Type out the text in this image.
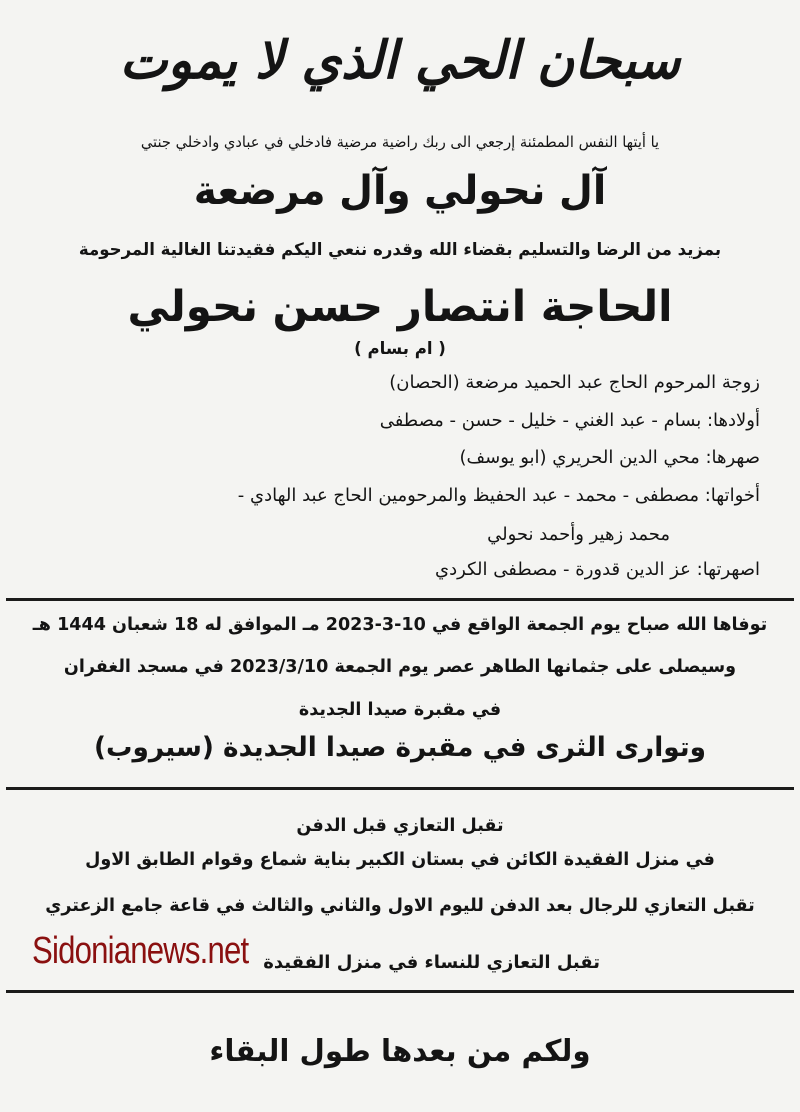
سبحان الحي الذي لا يموت
يا أيتها النفس المطمئنة إرجعي الى ربك راضية مرضية فادخلي في عبادي وادخلي جنتي
آل نحولي وآل مرضعة
بمزيد من الرضا والتسليم بقضاء الله وقدره ننعي اليكم فقيدتنا الغالية المرحومة
الحاجة انتصار حسن نحولي
( ام بسام )
زوجة المرحوم الحاج عبد الحميد مرضعة (الحصان)
أولادها: بسام - عبد الغني - خليل - حسن - مصطفى
صهرها: محي الدين الحريري (ابو يوسف)
أخواتها: مصطفى - محمد - عبد الحفيظ والمرحومين الحاج عبد الهادي -
محمد زهير وأحمد نحولي
اصهرتها: عز الدين قدورة - مصطفى الكردي
توفاها الله صباح يوم الجمعة الواقع في 10-3-2023 مـ الموافق له 18 شعبان 1444 هـ
وسيصلى على جثمانها الطاهر عصر يوم الجمعة 2023/3/10 في مسجد الغفران
في مقبرة صيدا الجديدة
وتوارى الثرى في مقبرة صيدا الجديدة (سيروب)
تقبل التعازي قبل الدفن
في منزل الفقيدة الكائن في بستان الكبير بناية شماع وقوام الطابق الاول
تقبل التعازي للرجال بعد الدفن لليوم الاول والثاني والثالث في قاعة جامع الزعتري
تقبل التعازي للنساء في منزل الفقيدة
Sidonianews.net
ولكم من بعدها طول البقاء
